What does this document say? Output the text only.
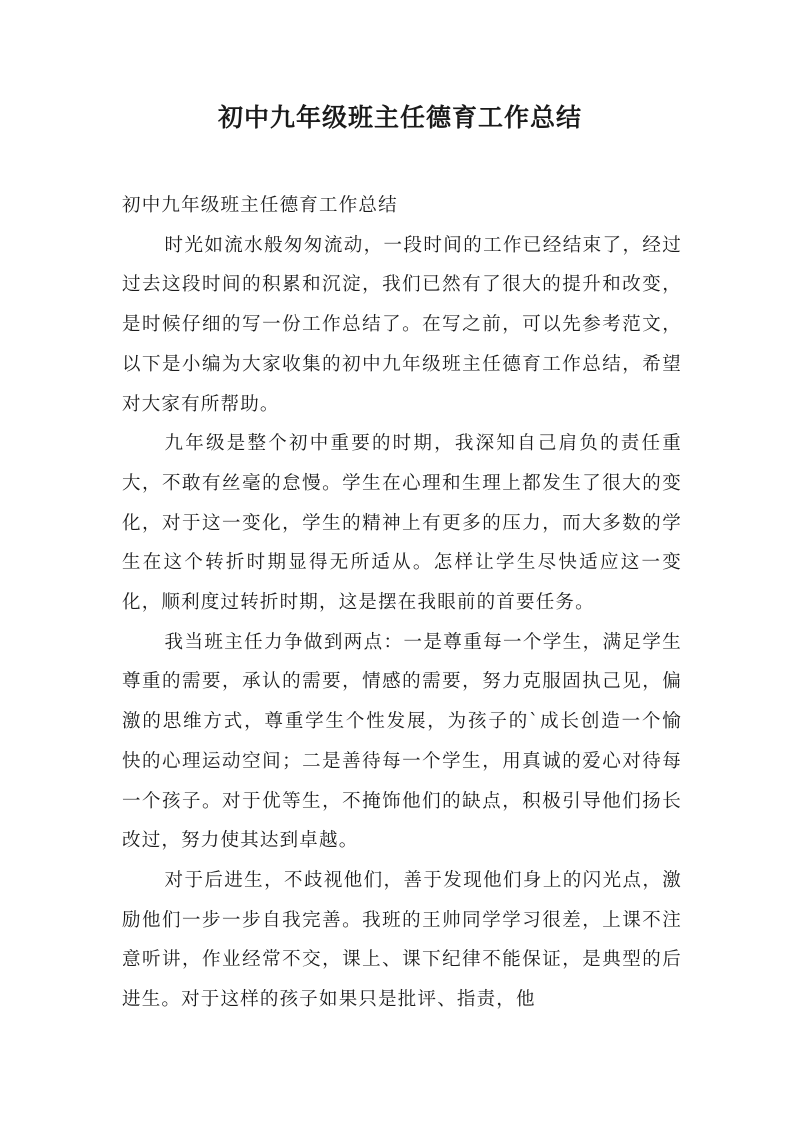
初中九年级班主任德育工作总结

初中九年级班主任德育工作总结

时光如流水般匆匆流动，一段时间的工作已经结束了，经过过去这段时间的积累和沉淀，我们已然有了很大的提升和改变，是时候仔细的写一份工作总结了。在写之前，可以先参考范文，以下是小编为大家收集的初中九年级班主任德育工作总结，希望对大家有所帮助。

九年级是整个初中重要的时期，我深知自己肩负的责任重大，不敢有丝毫的怠慢。学生在心理和生理上都发生了很大的变化，对于这一变化，学生的精神上有更多的压力，而大多数的学生在这个转折时期显得无所适从。怎样让学生尽快适应这一变化，顺利度过转折时期，这是摆在我眼前的首要任务。

我当班主任力争做到两点：一是尊重每一个学生，满足学生尊重的需要，承认的需要，情感的需要，努力克服固执己见，偏激的思维方式，尊重学生个性发展，为孩子的`成长创造一个愉快的心理运动空间；二是善待每一个学生，用真诚的爱心对待每一个孩子。对于优等生，不掩饰他们的缺点，积极引导他们扬长改过，努力使其达到卓越。

对于后进生，不歧视他们，善于发现他们身上的闪光点，激励他们一步一步自我完善。我班的王帅同学学习很差，上课不注意听讲，作业经常不交，课上、课下纪律不能保证，是典型的后进生。对于这样的孩子如果只是批评、指责，他
